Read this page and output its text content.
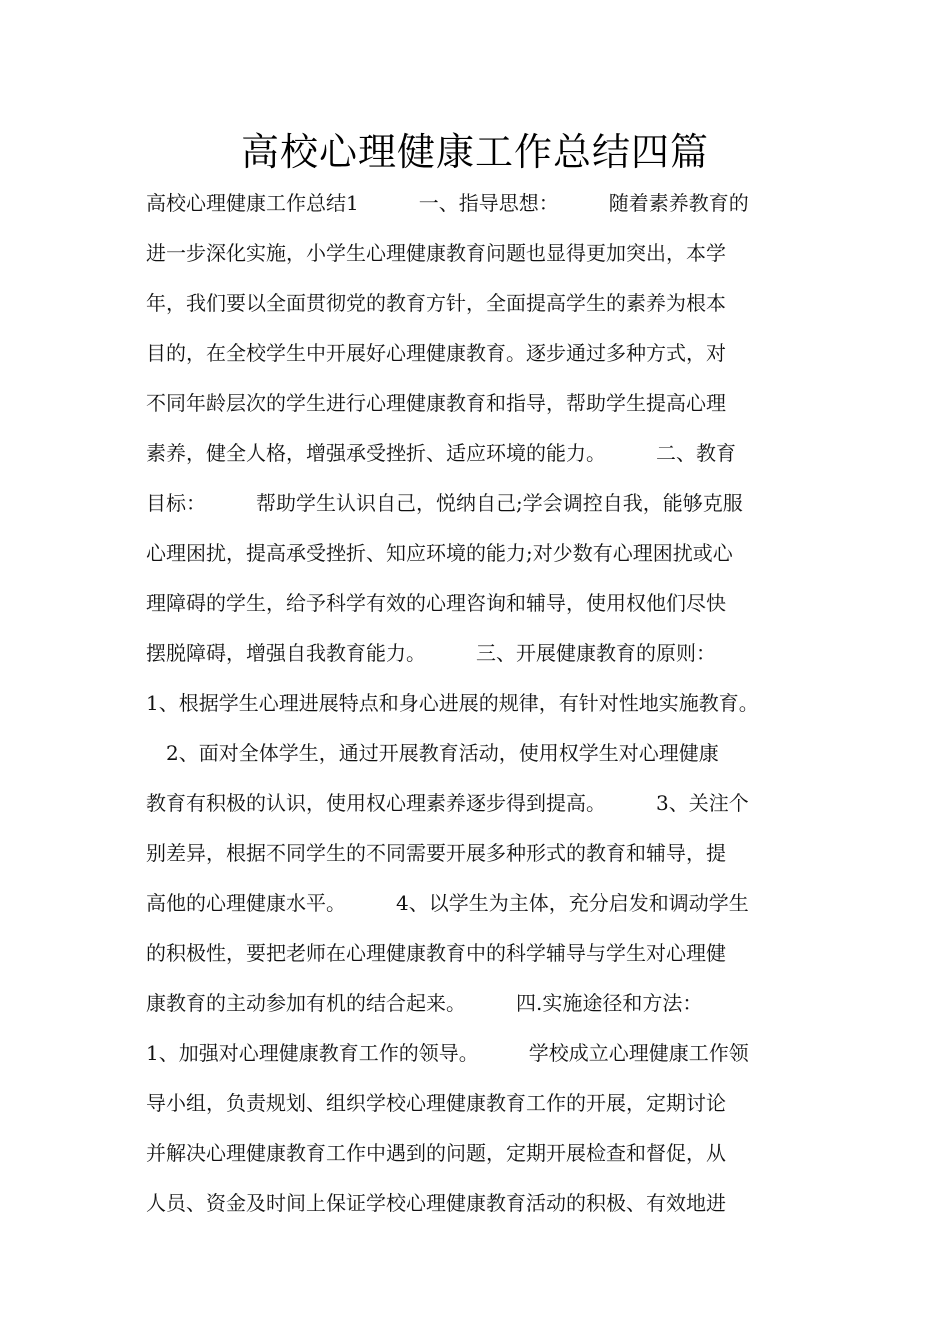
高校心理健康工作总结四篇

高校心理健康工作总结1　　　一、指导思想：　　　随着素养教育的

进一步深化实施，小学生心理健康教育问题也显得更加突出，本学

年，我们要以全面贯彻党的教育方针，全面提高学生的素养为根本

目的，在全校学生中开展好心理健康教育。逐步通过多种方式，对

不同年龄层次的学生进行心理健康教育和指导，帮助学生提高心理

素养，健全人格，增强承受挫折、适应环境的能力。　　　二、教育

目标：　　　帮助学生认识自己，悦纳自己;学会调控自我，能够克服

心理困扰，提高承受挫折、知应环境的能力;对少数有心理困扰或心

理障碍的学生，给予科学有效的心理咨询和辅导，使用权他们尽快

摆脱障碍，增强自我教育能力。　　　三、开展健康教育的原则：

1、根据学生心理进展特点和身心进展的规律，有针对性地实施教育。

　2、面对全体学生，通过开展教育活动，使用权学生对心理健康

教育有积极的认识，使用权心理素养逐步得到提高。　　　3、关注个

别差异，根据不同学生的不同需要开展多种形式的教育和辅导，提

高他的心理健康水平。　　　4、以学生为主体，充分启发和调动学生

的积极性，要把老师在心理健康教育中的科学辅导与学生对心理健

康教育的主动参加有机的结合起来。　　　四.实施途径和方法：

1、加强对心理健康教育工作的领导。　　　学校成立心理健康工作领

导小组，负责规划、组织学校心理健康教育工作的开展，定期讨论

并解决心理健康教育工作中遇到的问题，定期开展检查和督促，从

人员、资金及时间上保证学校心理健康教育活动的积极、有效地进
